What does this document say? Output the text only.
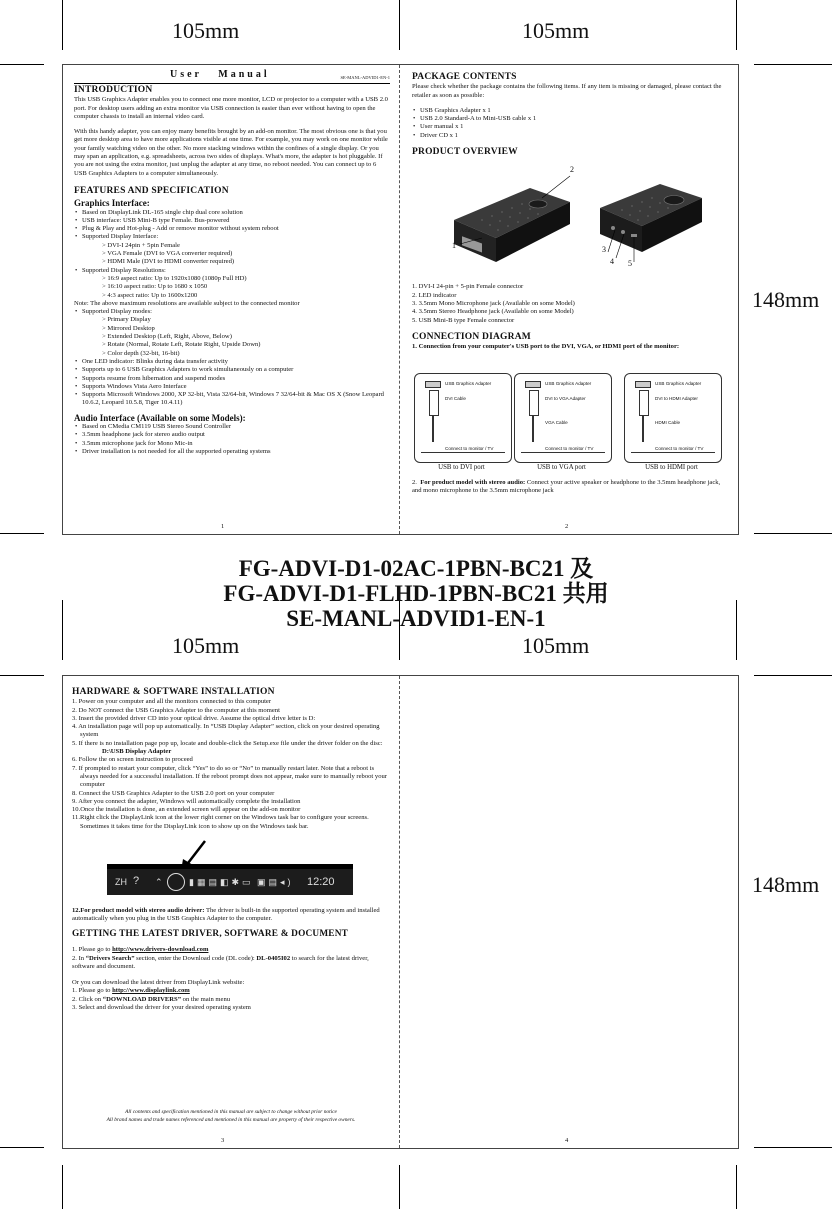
105mm	105mm
105mm	105mm
148mm
148mm
FG-ADVI-D1-02AC-1PBN-BC21 及
FG-ADVI-D1-FLHD-1PBN-BC21 共用
SE-MANL-ADVID1-EN-1
User   Manual	SE-MANL-ADVID1-EN-1
INTRODUCTION

This USB Graphics Adapter enables you to connect one more monitor, LCD or projector to a computer with a USB 2.0 port. For desktop users adding an extra monitor via USB connection is easier than ever without having to open the computer chassis to install an internal video card.

With this handy adapter, you can enjoy many benefits brought by an add-on monitor. The most obvious one is that you get more desktop area to have more applications visible at one time. For example, you may work on one monitor while your family watching video on the other. No more stacking windows within the confines of a single display. Or you may span an application, e.g. spreadsheets, across two sides of displays. What's more, the adapter is hot pluggable. If you are not using the extra monitor, just unplug the adapter at any time, no reboot needed. You can connect up to 6 USB Graphics Adapters to a computer simultaneously.

FEATURES AND SPECIFICATION
Graphics Interface:
• Based on DisplayLink DL-165 single chip dual core solution
• USB interface: USB Mini-B type Female. Bus-powered
• Plug & Play and Hot-plug - Add or remove monitor without system reboot
• Supported Display Interface:
> DVI-I 24pin + 5pin Female
> VGA Female (DVI to VGA converter required)
> HDMI Male (DVI to HDMI converter required)
• Supported Display Resolutions:
> 16:9 aspect ratio: Up to 1920x1080 (1080p Full HD)
> 16:10 aspect ratio: Up to 1680 x 1050
> 4:3 aspect ratio: Up to 1600x1200
Note: The above maximum resolutions are available subject to the connected monitor
• Supported Display modes:
> Primary Display
> Mirrored Desktop
> Extended Desktop (Left, Right, Above, Below)
> Rotate (Normal, Rotate Left, Rotate Right, Upside Down)
> Color depth (32-bit, 16-bit)
• One LED indicator: Blinks during data transfer activity
• Supports up to 6 USB Graphics Adapters to work simultaneously on a computer
• Supports resume from hibernation and suspend modes
• Supports Windows Vista Aero Interface
• Supports Microsoft Windows 2000, XP 32-bit, Vista 32/64-bit, Windows 7 32/64-bit & Mac OS X (Snow Leopard 10.6.2, Leopard 10.5.8, Tiger 10.4.11)
Audio Interface (Available on some Models):
• Based on CMedia CM119 USB Stereo Sound Controller
• 3.5mm headphone jack for stereo audio output
• 3.5mm microphone jack for Mono Mic-in
• Driver installation is not needed for all the supported operating systems
1
PACKAGE CONTENTS

Please check whether the package contains the following items. If any item is missing or damaged, please contact the retailer as soon as possible:

• USB Graphics Adapter x 1
• USB 2.0 Standard-A to Mini-USB cable x 1
• User manual x 1
• Driver CD x 1
PRODUCT OVERVIEW
2
1	3
4 5
1. DVI-I 24-pin + 5-pin Female connector
2. LED indicator
3. 3.5mm Mono Microphone jack (Available on some Model)
4. 3.5mm Stereo Headphone jack (Available on some Model)
5. USB Mini-B type Female connector
CONNECTION DIAGRAM
1. Connection from your computer's USB port to the DVI, VGA, or HDMI port of the monitor:
USB Graphics Adapter
DVI Cable
Connect to monitor / TV
USB to DVI port
USB Graphics Adapter
DVI to VGA Adapter
VGA Cable
Connect to monitor / TV
USB to VGA port
USB Graphics Adapter
DVI to HDMI Adapter
HDMI Cable
Connect to monitor / TV
USB to HDMI port
2.  For product model with stereo audio: Connect your active speaker or headphone to the 3.5mm headphone jack, and mono microphone to the 3.5mm microphone jack
2
HARDWARE & SOFTWARE INSTALLATION
1. Power on your computer and all the monitors connected to this computer
2. Do NOT connect the USB Graphics Adapter to the computer at this moment
3. Insert the provided driver CD into your optical drive. Assume the optical drive letter is D:
4. An installation page will pop up automatically. In “USB Display Adapter” section, click on your desired operating system
5. If there is no installation page pop up, locate and double-click the Setup.exe file under the driver folder on the disc:
D:\USB Display Adapter
6. Follow the on screen instruction to proceed
7. If prompted to restart your computer, click “Yes” to do so or “No” to manually restart later. Note that a reboot is always needed for a successful installation. If the reboot prompt does not appear, make sure to manually reboot your computer
8. Connect the USB Graphics Adapter to the USB 2.0 port on your computer
9. After you connect the adapter, Windows will automatically complete the installation
10.Once the installation is done, an extended screen will appear on the add-on monitor
11.Right click the DisplayLink icon at the lower right corner on the Windows task bar to configure your screens. Sometimes it takes time for the DisplayLink icon to show up on the Windows task bar.
ZH ? ⌃	▮▦▤◧✱▭ ▣▤◂) 12:20
12.For product model with stereo audio driver: The driver is built-in the supported operating system and installed automatically when you plug in the USB Graphics Adapter to the computer.
GETTING THE LATEST DRIVER, SOFTWARE & DOCUMENT
1. Please go to http://www.drivers-download.com
2. In “Drivers Search” section, enter the Download code (DL code): DL-0405I02 to search for the latest driver, software and document.
Or you can download the latest driver from DisplayLink website:
1. Please go to http://www.displaylink.com
2. Click on “DOWNLOAD DRIVERS” on the main menu
3. Select and download the driver for your desired operating system
All contents and specification mentioned in this manual are subject to change without prior notice
All brand names and trade names referenced and mentioned in this manual are property of their respective owners.
3	4
